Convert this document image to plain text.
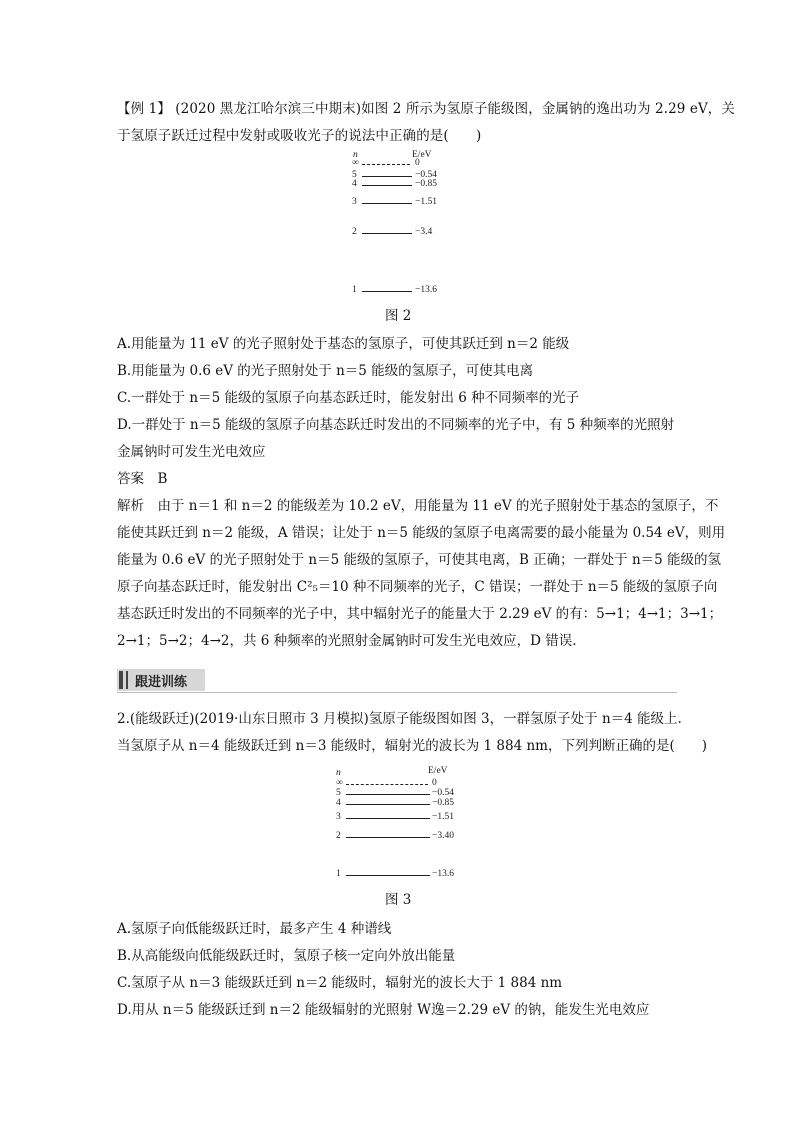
【例 1】 (2020 黑龙江哈尔滨三中期末)如图 2 所示为氢原子能级图，金属钠的逸出功为 2.29 eV，关
于氢原子跃迁过程中发射或吸收光子的说法中正确的是(　　)
n	E/eV
∞	0
5	−0.54
4	−0.85
3	−1.51
2	−3.4
1	−13.6
图 2
A.用能量为 11 eV 的光子照射处于基态的氢原子，可使其跃迁到 n＝2 能级
B.用能量为 0.6 eV 的光子照射处于 n＝5 能级的氢原子，可使其电离
C.一群处于 n＝5 能级的氢原子向基态跃迁时，能发射出 6 种不同频率的光子
D.一群处于 n＝5 能级的氢原子向基态跃迁时发出的不同频率的光子中，有 5 种频率的光照射
金属钠时可发生光电效应
答案　B
解析　由于 n＝1 和 n＝2 的能级差为 10.2 eV，用能量为 11 eV 的光子照射处于基态的氢原子，不
能使其跃迁到 n＝2 能级，A 错误；让处于 n＝5 能级的氢原子电离需要的最小能量为 0.54 eV，则用
能量为 0.6 eV 的光子照射处于 n＝5 能级的氢原子，可使其电离，B 正确；一群处于 n＝5 能级的氢
原子向基态跃迁时，能发射出 C²₅＝10 种不同频率的光子，C 错误；一群处于 n＝5 能级的氢原子向
基态跃迁时发出的不同频率的光子中，其中辐射光子的能量大于 2.29 eV 的有：5→1；4→1；3→1；
2→1；5→2；4→2，共 6 种频率的光照射金属钠时可发生光电效应，D 错误.
跟进训练
2.(能级跃迁)(2019·山东日照市 3 月模拟)氢原子能级图如图 3，一群氢原子处于 n＝4 能级上.
当氢原子从 n＝4 能级跃迁到 n＝3 能级时，辐射光的波长为 1 884 nm，下列判断正确的是(　　)
n	E/eV
∞	0
5	−0.54
4	−0.85
3	−1.51
2	−3.40
1	−13.6
图 3
A.氢原子向低能级跃迁时，最多产生 4 种谱线
B.从高能级向低能级跃迁时，氢原子核一定向外放出能量
C.氢原子从 n＝3 能级跃迁到 n＝2 能级时，辐射光的波长大于 1 884 nm
D.用从 n＝5 能级跃迁到 n＝2 能级辐射的光照射 W逸＝2.29 eV 的钠，能发生光电效应
